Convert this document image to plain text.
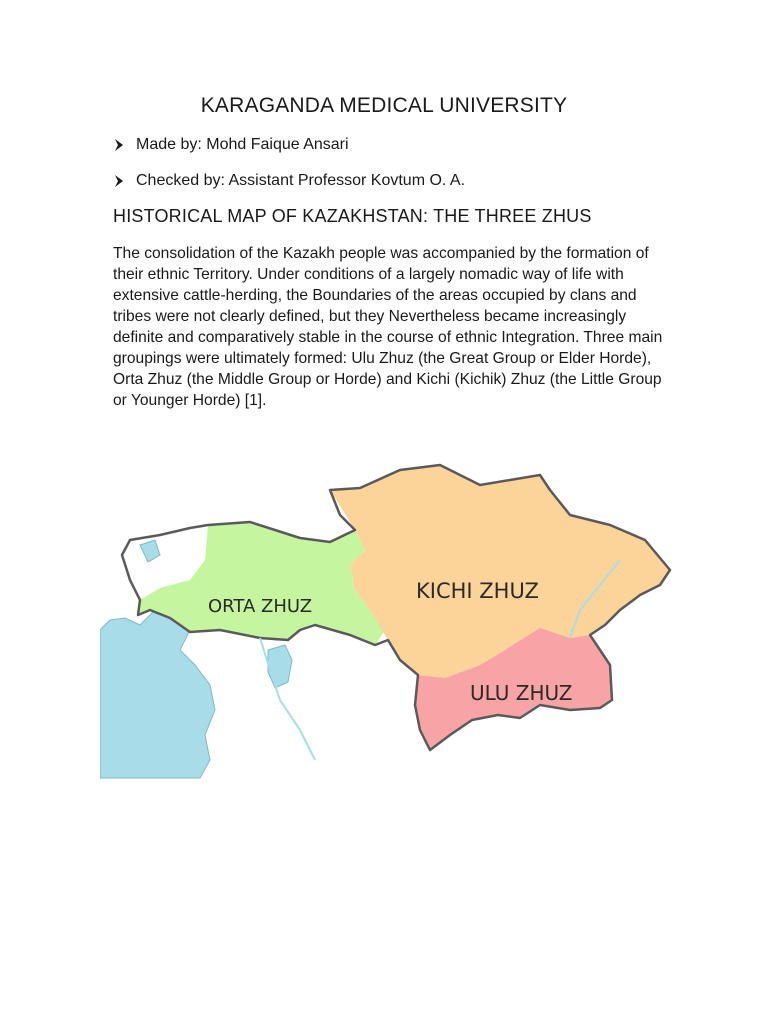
KARAGANDA MEDICAL UNIVERSITY
Made by: Mohd Faique Ansari
Checked by: Assistant Professor Kovtum O. A.
HISTORICAL MAP OF KAZAKHSTAN: THE THREE ZHUS

The consolidation of the Kazakh people was accompanied by the formation of their ethnic Territory. Under conditions of a largely nomadic way of life with extensive cattle-herding, the Boundaries of the areas occupied by clans and tribes were not clearly defined, but they Nevertheless became increasingly definite and comparatively stable in the course of ethnic Integration. Three main groupings were ultimately formed: Ulu Zhuz (the Great Group or Elder Horde), Orta Zhuz (the Middle Group or Horde) and Kichi (Kichik) Zhuz (the Little Group or Younger Horde) [1].

ORTA ZHUZ
KICHI ZHUZ
ULU ZHUZ
